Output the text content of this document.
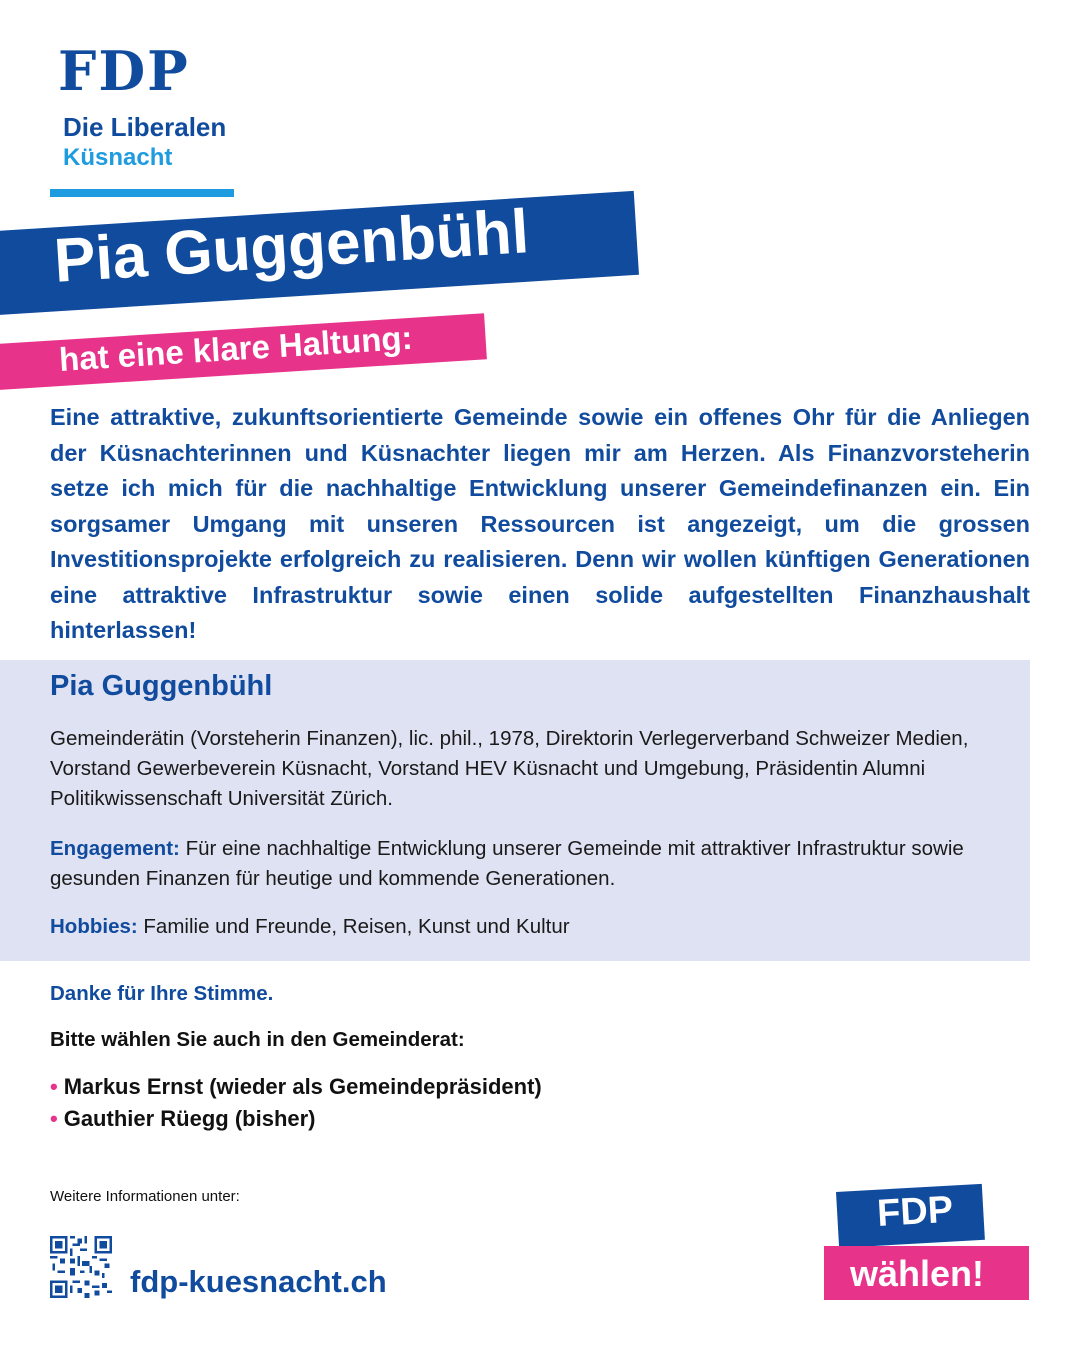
FDP
Die Liberalen
Küsnacht
Pia Guggenbühl
hat eine klare Haltung:
Eine attraktive, zukunftsorientierte Gemeinde sowie ein offenes Ohr für die Anliegen der Küsnachterinnen und Küsnachter liegen mir am Herzen. Als Finanzvorsteherin setze ich mich für die nachhaltige Entwicklung unserer Gemeindefinanzen ein. Ein sorgsamer Umgang mit unseren Ressourcen ist angezeigt, um die grossen Investitionsprojekte erfolgreich zu realisieren. Denn wir wollen künftigen Generationen eine attraktive Infrastruktur sowie einen solide aufgestellten Finanzhaushalt hinterlassen!
Pia Guggenbühl
Gemeinderätin (Vorsteherin Finanzen), lic. phil., 1978, Direktorin Verlegerverband Schweizer Medien, Vorstand Gewerbeverein Küsnacht, Vorstand HEV Küsnacht und Umgebung, Präsidentin Alumni Politikwissenschaft Universität Zürich.
Engagement: Für eine nachhaltige Entwicklung unserer Gemeinde mit attraktiver Infrastruktur sowie gesunden Finanzen für heutige und kommende Generationen.
Hobbies: Familie und Freunde, Reisen, Kunst und Kultur
Danke für Ihre Stimme.
Bitte wählen Sie auch in den Gemeinderat:
• Markus Ernst (wieder als Gemeindepräsident)
• Gauthier Rüegg (bisher)
Weitere Informationen unter:
fdp-kuesnacht.ch
FDP
wählen!
